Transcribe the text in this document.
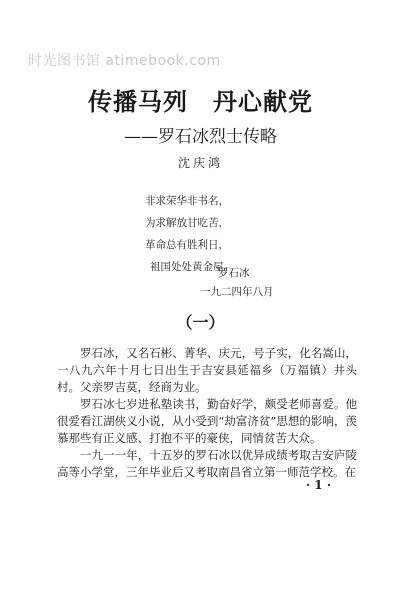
时光图书馆 atimebook.com
传播马列　丹心献党
——罗石冰烈士传略
沈庆鸿
非求荣华非书名，
为求解放甘吃苦，
革命总有胜利日，
祖国处处黄金屋。
罗石冰
一九二四年八月
（一）

罗石冰，又名石彬、菁华、庆元，号子实，化名嵩山，一八九六年十月七日出生于吉安县延福乡（万福镇）井头村。父亲罗吉莫，经商为业。

罗石冰七岁进私塾读书，勤奋好学，颇受老师喜爱。他很爱看江湖侠义小说，从小受到“劫富济贫”思想的影响，羡慕那些有正义感、打抱不平的豪侠，同情贫苦大众。

一九一一年，十五岁的罗石冰以优异成绩考取吉安庐陵高等小学堂，三年毕业后又考取南昌省立第一师范学校。在

· 1 ·
